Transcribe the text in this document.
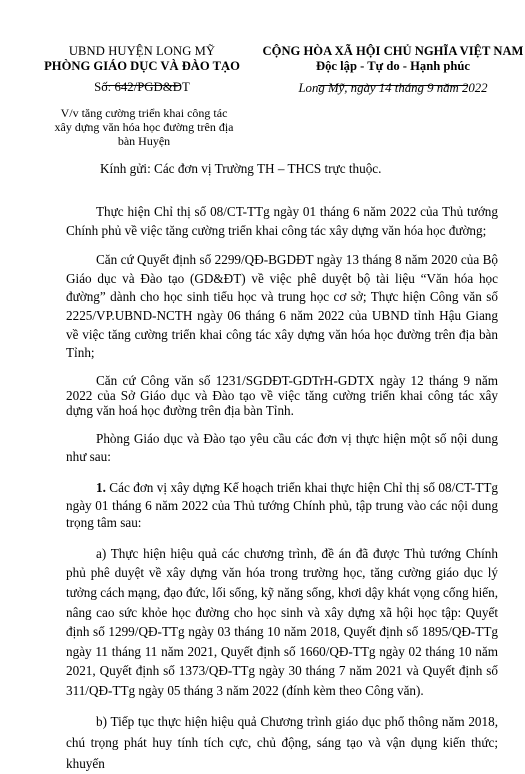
UBND HUYỆN LONG MỸ
PHÒNG GIÁO DỤC VÀ ĐÀO TẠO
CỘNG HÒA XÃ HỘI CHỦ NGHĨA VIỆT NAM
Độc lập - Tự do - Hạnh phúc
Số: 642/PGD&ĐT	Long Mỹ, ngày 14 tháng 9 năm 2022
V/v tăng cường triển khai công tác xây dựng văn hóa học đường trên địa bàn Huyện
Kính gửi: Các đơn vị Trường TH – THCS trực thuộc.

Thực hiện Chỉ thị số 08/CT-TTg ngày 01 tháng 6 năm 2022 của Thủ tướng Chính phủ về việc tăng cường triển khai công tác xây dựng văn hóa học đường;

Căn cứ Quyết định số 2299/QĐ-BGDĐT ngày 13 tháng 8 năm 2020 của Bộ Giáo dục và Đào tạo (GD&ĐT) về việc phê duyệt bộ tài liệu “Văn hóa học đường” dành cho học sinh tiểu học và trung học cơ sở; Thực hiện Công văn số 2225/VP.UBND-NCTH ngày 06 tháng 6 năm 2022 của UBND tỉnh Hậu Giang về việc tăng cường triển khai công tác xây dựng văn hóa học đường trên địa bàn Tỉnh;

Căn cứ Công văn số 1231/SGDĐT-GDTrH-GDTX ngày 12 tháng 9 năm 2022 của Sở Giáo dục và Đào tạo về việc tăng cường triển khai công tác xây dựng văn hoá học đường trên địa bàn Tỉnh.

Phòng Giáo dục và Đào tạo yêu cầu các đơn vị thực hiện một số nội dung như sau:

1. Các đơn vị xây dựng Kế hoạch triển khai thực hiện Chỉ thị số 08/CT-TTg ngày 01 tháng 6 năm 2022 của Thủ tướng Chính phủ, tập trung vào các nội dung trọng tâm sau:

a) Thực hiện hiệu quả các chương trình, đề án đã được Thủ tướng Chính phủ phê duyệt về xây dựng văn hóa trong trường học, tăng cường giáo dục lý tưởng cách mạng, đạo đức, lối sống, kỹ năng sống, khơi dậy khát vọng cống hiến, nâng cao sức khỏe học đường cho học sinh và xây dựng xã hội học tập: Quyết định số 1299/QĐ-TTg ngày 03 tháng 10 năm 2018, Quyết định số 1895/QĐ-TTg ngày 11 tháng 11 năm 2021, Quyết định số 1660/QĐ-TTg ngày 02 tháng 10 năm 2021, Quyết định số 1373/QĐ-TTg ngày 30 tháng 7 năm 2021 và Quyết định số 311/QĐ-TTg ngày 05 tháng 3 năm 2022 (đính kèm theo Công văn).

b) Tiếp tục thực hiện hiệu quả Chương trình giáo dục phổ thông năm 2018, chú trọng phát huy tính tích cực, chủ động, sáng tạo và vận dụng kiến thức; khuyến
